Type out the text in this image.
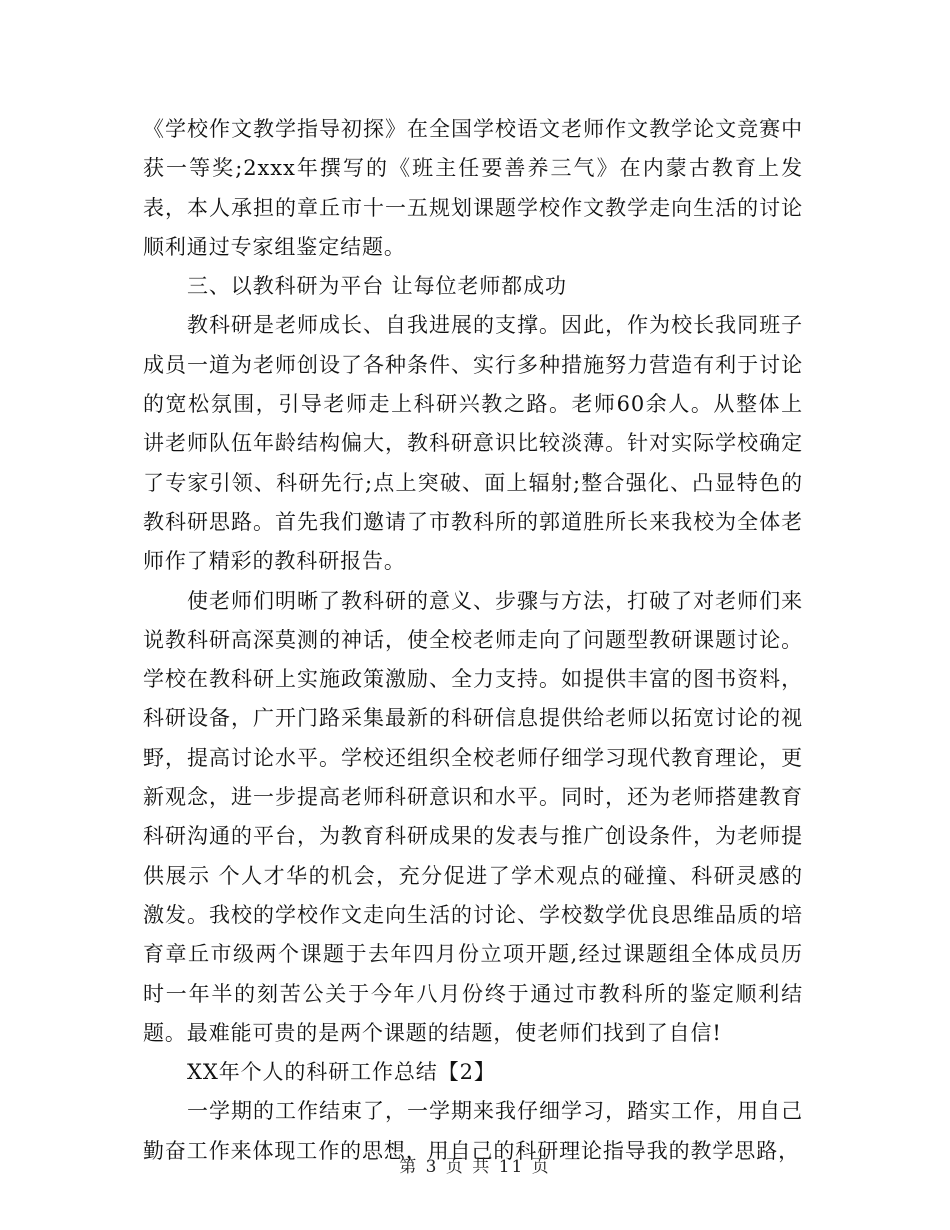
《学校作文教学指导初探》在全国学校语文老师作文教学论文竞赛中获一等奖;2xxx年撰写的《班主任要善养三气》在内蒙古教育上发表，本人承担的章丘市十一五规划课题学校作文教学走向生活的讨论顺利通过专家组鉴定结题。

三、以教科研为平台 让每位老师都成功

教科研是老师成长、自我进展的支撑。因此，作为校长我同班子成员一道为老师创设了各种条件、实行多种措施努力营造有利于讨论的宽松氛围，引导老师走上科研兴教之路。老师60余人。从整体上讲老师队伍年龄结构偏大，教科研意识比较淡薄。针对实际学校确定了专家引领、科研先行;点上突破、面上辐射;整合强化、凸显特色的教科研思路。首先我们邀请了市教科所的郭道胜所长来我校为全体老师作了精彩的教科研报告。

使老师们明晰了教科研的意义、步骤与方法，打破了对老师们来说教科研高深莫测的神话，使全校老师走向了问题型教研课题讨论。学校在教科研上实施政策激励、全力支持。如提供丰富的图书资料，科研设备，广开门路采集最新的科研信息提供给老师以拓宽讨论的视野，提高讨论水平。学校还组织全校老师仔细学习现代教育理论，更新观念，进一步提高老师科研意识和水平。同时，还为老师搭建教育科研沟通的平台，为教育科研成果的发表与推广创设条件，为老师提供展示 个人才华的机会，充分促进了学术观点的碰撞、科研灵感的激发。我校的学校作文走向生活的讨论、学校数学优良思维品质的培育章丘市级两个课题于去年四月份立项开题,经过课题组全体成员历时一年半的刻苦公关于今年八月份终于通过市教科所的鉴定顺利结题。最难能可贵的是两个课题的结题，使老师们找到了自信!

XX年个人的科研工作总结【2】

一学期的工作结束了，一学期来我仔细学习，踏实工作，用自己勤奋工作来体现工作的思想，用自己的科研理论指导我的教学思路，

第 3 页 共 11 页
